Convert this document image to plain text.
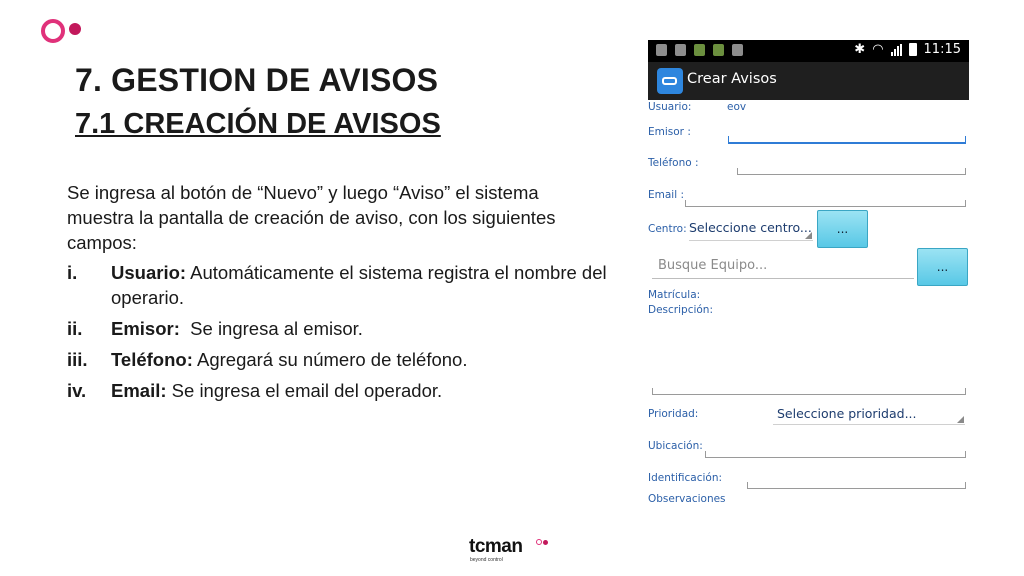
7. GESTION DE AVISOS
7.1 CREACIÓN DE AVISOS
Se ingresa al botón de “Nuevo” y luego “Aviso” el sistema muestra la pantalla de creación de aviso, con los siguientes campos:
i.	Usuario: Automáticamente el sistema registra el nombre del operario.
ii.	Emisor:  Se ingresa al emisor.
iii.	Teléfono: Agregará su número de teléfono.
iv.	Email: Se ingresa el email del operador.
✱ ◠	11:15
Crear Avisos
Usuario:	eov
Emisor :
Teléfono :
Email :
Centro: Seleccione centro...	...
Busque Equipo...	...
Matrícula:
Descripción:
Prioridad:	Seleccione prioridad...
Ubicación:
Identificación:
Observaciones
tcman
beyond control
